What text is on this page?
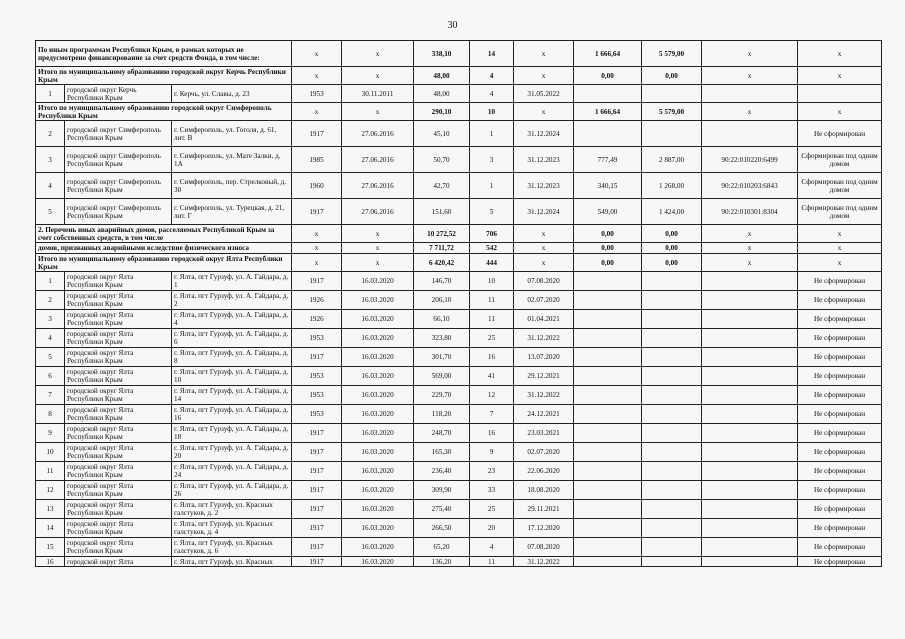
30
По иным программам Республики Крым, в рамках которых не предусмотрено финансирование за счет средств Фонда, в том числе:			x	x	338,10	14	x	1 666,64	5 579,00	x	x
Итого по муниципальному образованию городской округ Керчь Республики Крым			x	x	48,00	4	x	0,00	0,00	x	x
1	городской округ Керчь Республики Крым	г. Керчь, ул. Славы, д. 23	1953	30.11.2011	48,00	4	31.05.2022				
Итого по муниципальному образованию городской округ Симферополь Республики Крым			x	x	290,10	10	x	1 666,64	5 579,00	x	x
2	городской округ Симферополь Республики Крым	г. Симферополь, ул. Гоголя, д. 61, лит. В	1917	27.06.2016	45,10	1	31.12.2024				Не сформирован
3	городской округ Симферополь Республики Крым	г. Симферополь, ул. Мате Залки, д. 1А	1985	27.06.2016	50,70	3	31.12.2023	777,49	2 887,00	90:22:010220:6499	Сформирован под одним домом
4	городской округ Симферополь Республики Крым	г. Симферополь, пер. Стрелковый, д. 30	1960	27.06.2016	42,70	1	31.12.2023	340,15	1 268,00	90:22:010203:6843	Сформирован под одним домом
5	городской округ Симферополь Республики Крым	г. Симферополь, ул. Турецкая, д. 21, лит. Г	1917	27.06.2016	151,60	5	31.12.2024	549,00	1 424,00	90:22:010301:8304	Сформирован под одним домом
2. Перечень иных аварийных домов, расселяемых Республикой Крым за счет собственных средств, в том числе			x	x	10 272,52	706	x	0,00	0,00	x	x
домов, признанных аварийными вследствие физического износа			x	x	7 711,72	542	x	0,00	0,00	x	x
Итого по муниципальному образованию городской округ Ялта Республики Крым			x	x	6 420,42	444	x	0,00	0,00	x	x
1	городской округ Ялта Республики Крым	г. Ялта, пгт Гурзуф, ул. А. Гайдара, д. 1	1917	16.03.2020	146,70	10	07.08.2020				Не сформирован
2	городской округ Ялта Республики Крым	г. Ялта, пгт Гурзуф, ул. А. Гайдара, д. 2	1926	16.03.2020	206,10	11	02.07.2020				Не сформирован
3	городской округ Ялта Республики Крым	г. Ялта, пгт Гурзуф, ул. А. Гайдара, д. 4	1926	16.03.2020	66,10	11	01.04.2021				Не сформирован
4	городской округ Ялта Республики Крым	г. Ялта, пгт Гурзуф, ул. А. Гайдара, д. 6	1953	16.03.2020	323,80	25	31.12.2022				Не сформирован
5	городской округ Ялта Республики Крым	г. Ялта, пгт Гурзуф, ул. А. Гайдара, д. 8	1917	16.03.2020	301,70	16	13.07.2020				Не сформирован
6	городской округ Ялта Республики Крым	г. Ялта, пгт Гурзуф, ул. А. Гайдара, д. 10	1953	16.03.2020	569,00	41	29.12.2021				Не сформирован
7	городской округ Ялта Республики Крым	г. Ялта, пгт Гурзуф, ул. А. Гайдара, д. 14	1953	16.03.2020	229,70	12	31.12.2022				Не сформирован
8	городской округ Ялта Республики Крым	г. Ялта, пгт Гурзуф, ул. А. Гайдара, д. 16	1953	16.03.2020	118,20	7	24.12.2021				Не сформирован
9	городской округ Ялта Республики Крым	г. Ялта, пгт Гурзуф, ул. А. Гайдара, д. 18	1917	16.03.2020	248,70	16	23.03.2021				Не сформирован
10	городской округ Ялта Республики Крым	г. Ялта, пгт Гурзуф, ул. А. Гайдара, д. 20	1917	16.03.2020	165,30	9	02.07.2020				Не сформирован
11	городской округ Ялта Республики Крым	г. Ялта, пгт Гурзуф, ул. А. Гайдара, д. 24	1917	16.03.2020	236,40	23	22.06.2020				Не сформирован
12	городской округ Ялта Республики Крым	г. Ялта, пгт Гурзуф, ул. А. Гайдара, д. 26	1917	16.03.2020	309,90	33	18.08.2020				Не сформирован
13	городской округ Ялта Республики Крым	г. Ялта, пгт Гурзуф, ул. Красных галстуков, д. 2	1917	16.03.2020	275,40	25	29.11.2021				Не сформирован
14	городской округ Ялта Республики Крым	г. Ялта, пгт Гурзуф, ул. Красных галстуков, д. 4	1917	16.03.2020	266,50	20	17.12.2020				Не сформирован
15	городской округ Ялта Республики Крым	г. Ялта, пгт Гурзуф, ул. Красных галстуков, д. 6	1917	16.03.2020	65,20	4	07.08.2020				Не сформирован
16	городской округ Ялта	г. Ялта, пгт Гурзуф, ул. Красных	1917	16.03.2020	136,20	11	31.12.2022				Не сформирован
